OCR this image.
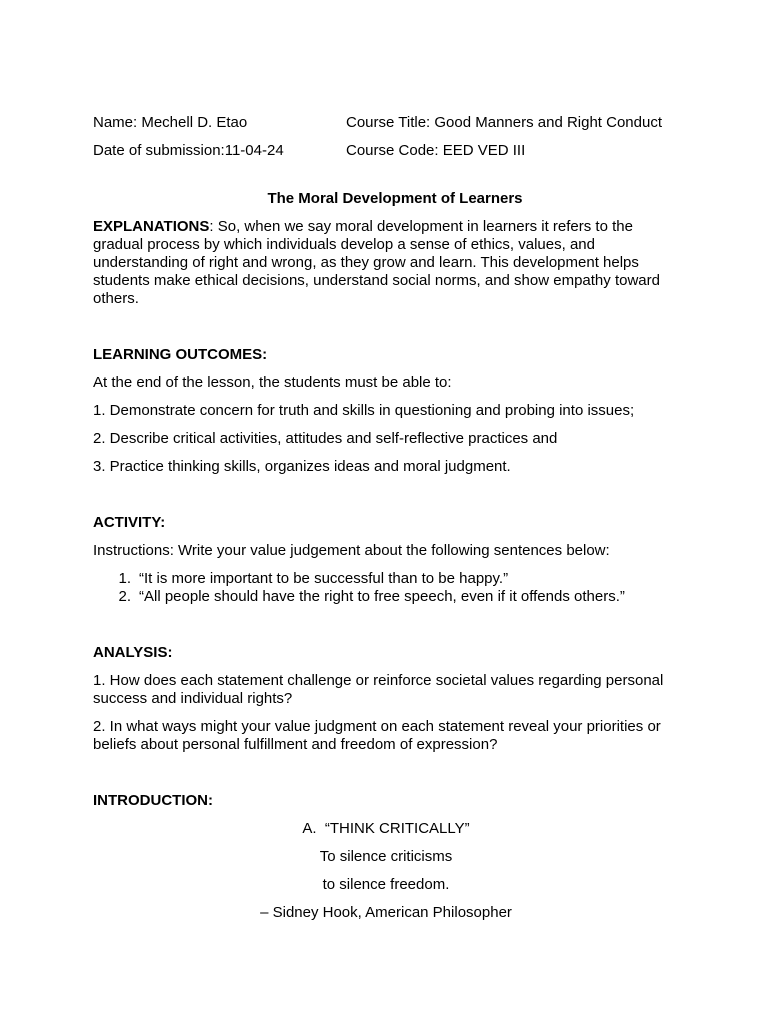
Name: Mechell D. Etao	Course Title: Good Manners and Right Conduct
Date of submission:11-04-24	Course Code: EED VED III
The Moral Development of Learners
EXPLANATIONS: So, when we say moral development in learners it refers to the gradual process by which individuals develop a sense of ethics, values, and understanding of right and wrong, as they grow and learn. This development helps students make ethical decisions, understand social norms, and show empathy toward others.
LEARNING OUTCOMES:
At the end of the lesson, the students must be able to:
1. Demonstrate concern for truth and skills in questioning and probing into issues;
2. Describe critical activities, attitudes and self-reflective practices and
3. Practice thinking skills, organizes ideas and moral judgment.
ACTIVITY:
Instructions: Write your value judgement about the following sentences below:
1. “It is more important to be successful than to be happy.”
2. “All people should have the right to free speech, even if it offends others.”
ANALYSIS:
1. How does each statement challenge or reinforce societal values regarding personal success and individual rights?
2. In what ways might your value judgment on each statement reveal your priorities or beliefs about personal fulfillment and freedom of expression?
INTRODUCTION:
A.  “THINK CRITICALLY”
To silence criticisms
to silence freedom.
– Sidney Hook, American Philosopher
